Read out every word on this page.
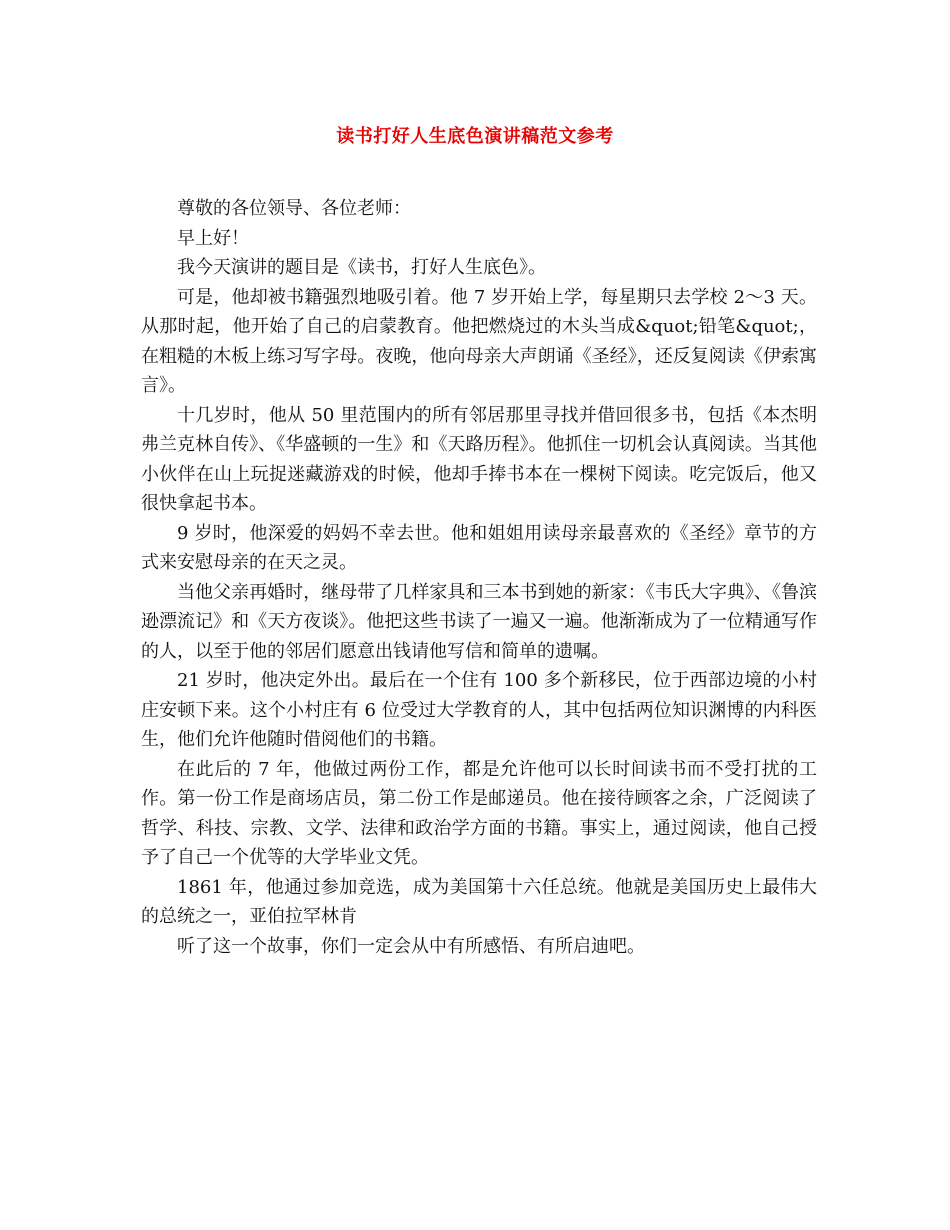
读书打好人生底色演讲稿范文参考

尊敬的各位领导、各位老师：

早上好！

我今天演讲的题目是《读书，打好人生底色》。

可是，他却被书籍强烈地吸引着。他 7 岁开始上学，每星期只去学校 2～3 天。从那时起，他开始了自己的启蒙教育。他把燃烧过的木头当成&quot;铅笔&quot;，在粗糙的木板上练习写字母。夜晚，他向母亲大声朗诵《圣经》，还反复阅读《伊索寓言》。

十几岁时，他从 50 里范围内的所有邻居那里寻找并借回很多书，包括《本杰明弗兰克林自传》、《华盛顿的一生》和《天路历程》。他抓住一切机会认真阅读。当其他小伙伴在山上玩捉迷藏游戏的时候，他却手捧书本在一棵树下阅读。吃完饭后，他又很快拿起书本。

9 岁时，他深爱的妈妈不幸去世。他和姐姐用读母亲最喜欢的《圣经》章节的方式来安慰母亲的在天之灵。

当他父亲再婚时，继母带了几样家具和三本书到她的新家：《韦氏大字典》、《鲁滨逊漂流记》和《天方夜谈》。他把这些书读了一遍又一遍。他渐渐成为了一位精通写作的人，以至于他的邻居们愿意出钱请他写信和简单的遗嘱。

21 岁时，他决定外出。最后在一个住有 100 多个新移民，位于西部边境的小村庄安顿下来。这个小村庄有 6 位受过大学教育的人，其中包括两位知识渊博的内科医生，他们允许他随时借阅他们的书籍。

在此后的 7 年，他做过两份工作，都是允许他可以长时间读书而不受打扰的工作。第一份工作是商场店员，第二份工作是邮递员。他在接待顾客之余，广泛阅读了哲学、科技、宗教、文学、法律和政治学方面的书籍。事实上，通过阅读，他自己授予了自己一个优等的大学毕业文凭。

1861 年，他通过参加竞选，成为美国第十六任总统。他就是美国历史上最伟大的总统之一，亚伯拉罕林肯

听了这一个故事，你们一定会从中有所感悟、有所启迪吧。
